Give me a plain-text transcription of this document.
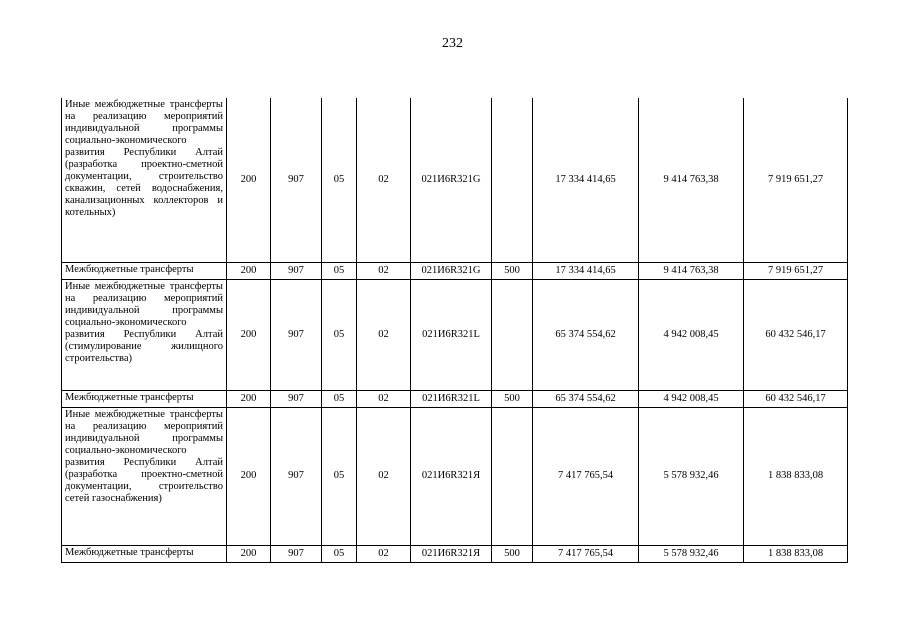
232
Иные межбюджетные трансферты на реализацию мероприятий индивидуальной программы социально-экономического развития Республики Алтай (разработка проектно-сметной документации, строительство скважин, сетей водоснабжения, канализационных коллекторов и котельных)	200	907	05	02	021И6R321G		17 334 414,65	9 414 763,38	7 919 651,27
Межбюджетные трансферты	200	907	05	02	021И6R321G	500	17 334 414,65	9 414 763,38	7 919 651,27
Иные межбюджетные трансферты на реализацию мероприятий индивидуальной программы социально-экономического развития Республики Алтай (стимулирование жилищного строительства)	200	907	05	02	021И6R321L		65 374 554,62	4 942 008,45	60 432 546,17
Межбюджетные трансферты	200	907	05	02	021И6R321L	500	65 374 554,62	4 942 008,45	60 432 546,17
Иные межбюджетные трансферты на реализацию мероприятий индивидуальной программы социально-экономического развития Республики Алтай (разработка проектно-сметной документации, строительство сетей газоснабжения)	200	907	05	02	021И6R321Я		7 417 765,54	5 578 932,46	1 838 833,08
Межбюджетные трансферты	200	907	05	02	021И6R321Я	500	7 417 765,54	5 578 932,46	1 838 833,08
